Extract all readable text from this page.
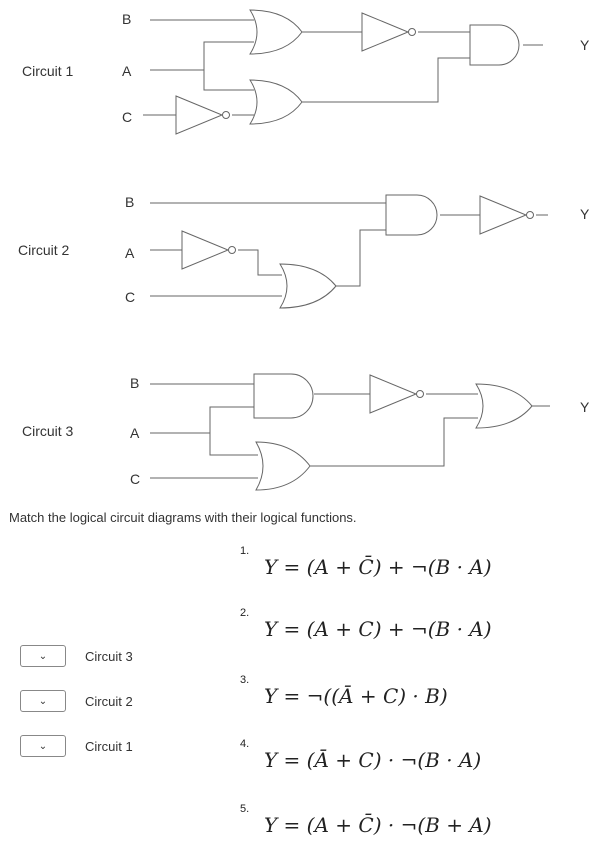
Circuit 1
B
A
C
Y
Circuit 2
B
A
C
Y
Circuit 3
B
A
C
Y
Match the logical circuit diagrams with their logical functions.
⌄	Circuit 3
⌄	Circuit 2
⌄	Circuit 1
1.
Y = (A + C̄) + ¬(B · A)
2.
Y = (A + C) + ¬(B · A)
3.
Y = ¬((Ā + C) · B)
4.
Y = (Ā + C) · ¬(B · A)
5.
Y = (A + C̄) · ¬(B + A)
